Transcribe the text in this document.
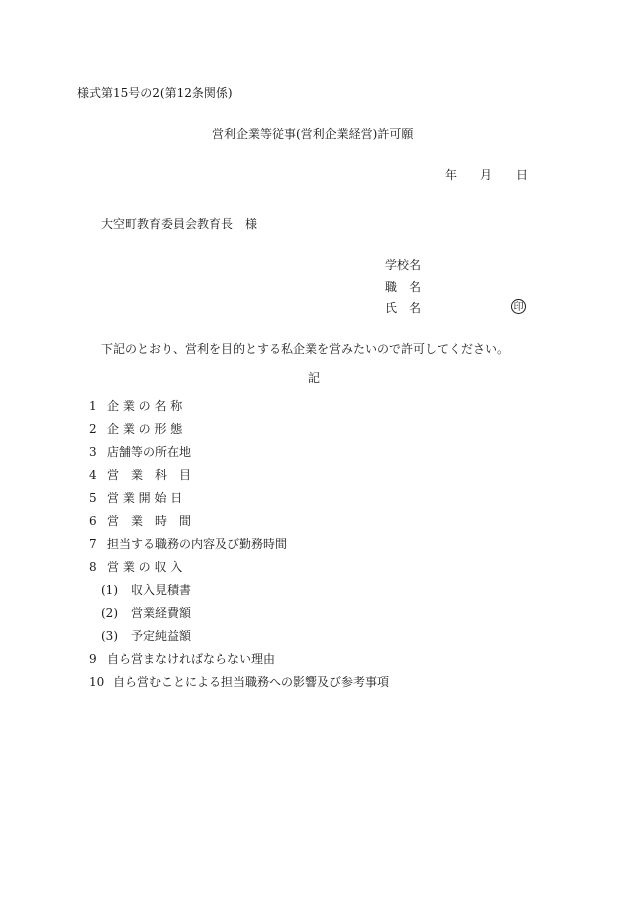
様式第15号の2(第12条関係)
営利企業等従事(営利企業経営)許可願
年 月 日
大空町教育委員会教育長　様
学校名
職　名
氏　名	印
下記のとおり、営利を目的とする私企業を営みたいので許可してください。
記
1 企 業 の 名 称
2 企 業 の 形 態
3 店舗等の所在地
4 営　業　科　目
5 営 業 開 始 日
6 営　業　時　間
7 担当する職務の内容及び勤務時間
8 営 業 の 収 入
(1) 収入見積書
(2) 営業経費額
(3) 予定純益額
9 自ら営まなければならない理由
10 自ら営むことによる担当職務への影響及び参考事項
